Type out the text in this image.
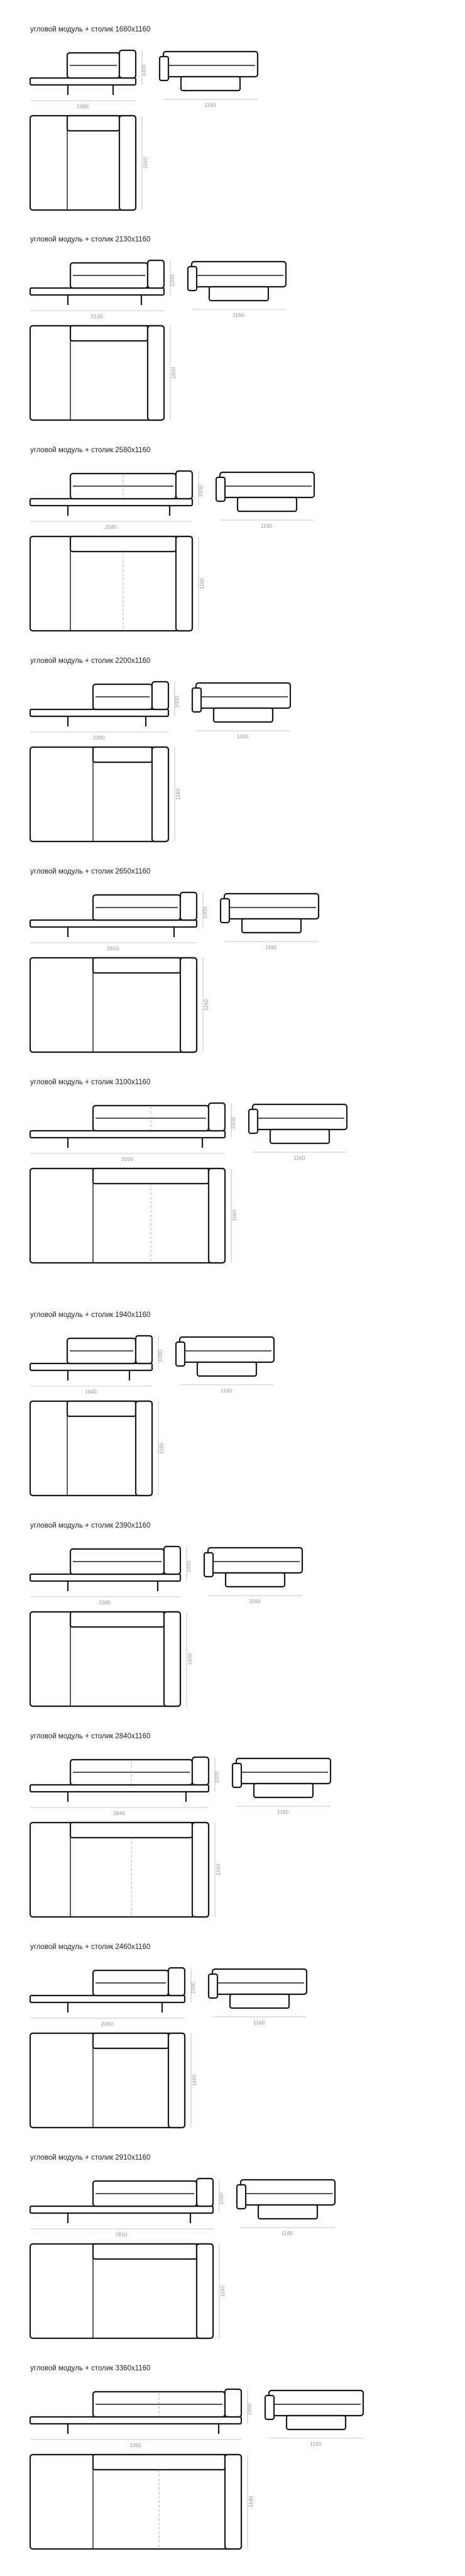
угловой модуль + столик 1680х1160
1680
1400
1160
1160
угловой модуль + столик 2130х1160
2130
1000
1160
1600
угловой модуль + столик 2580х1160
2580
1000
1160
1160
угловой модуль + столик 2200х1160
2200
1000
1160
1160
угловой модуль + столик 2650х1160
2650
1000
1160
1160
угловой модуль + столик 3100х1160
3100
1000
1160
1160
угловой модуль + столик 1940х1160
1940
1000
1160
1160
угловой модуль + столик 2390х1160
2390
1000
1160
1600
угловой модуль + столик 2840х1160
2840
1000
1160
1160
угловой модуль + столик 2460х1160
2460
1000
1160
1160
угловой модуль + столик 2910х1160
2910
1000
1160
1160
угловой модуль + столик 3360х1160
3360
1000
1160
1160
